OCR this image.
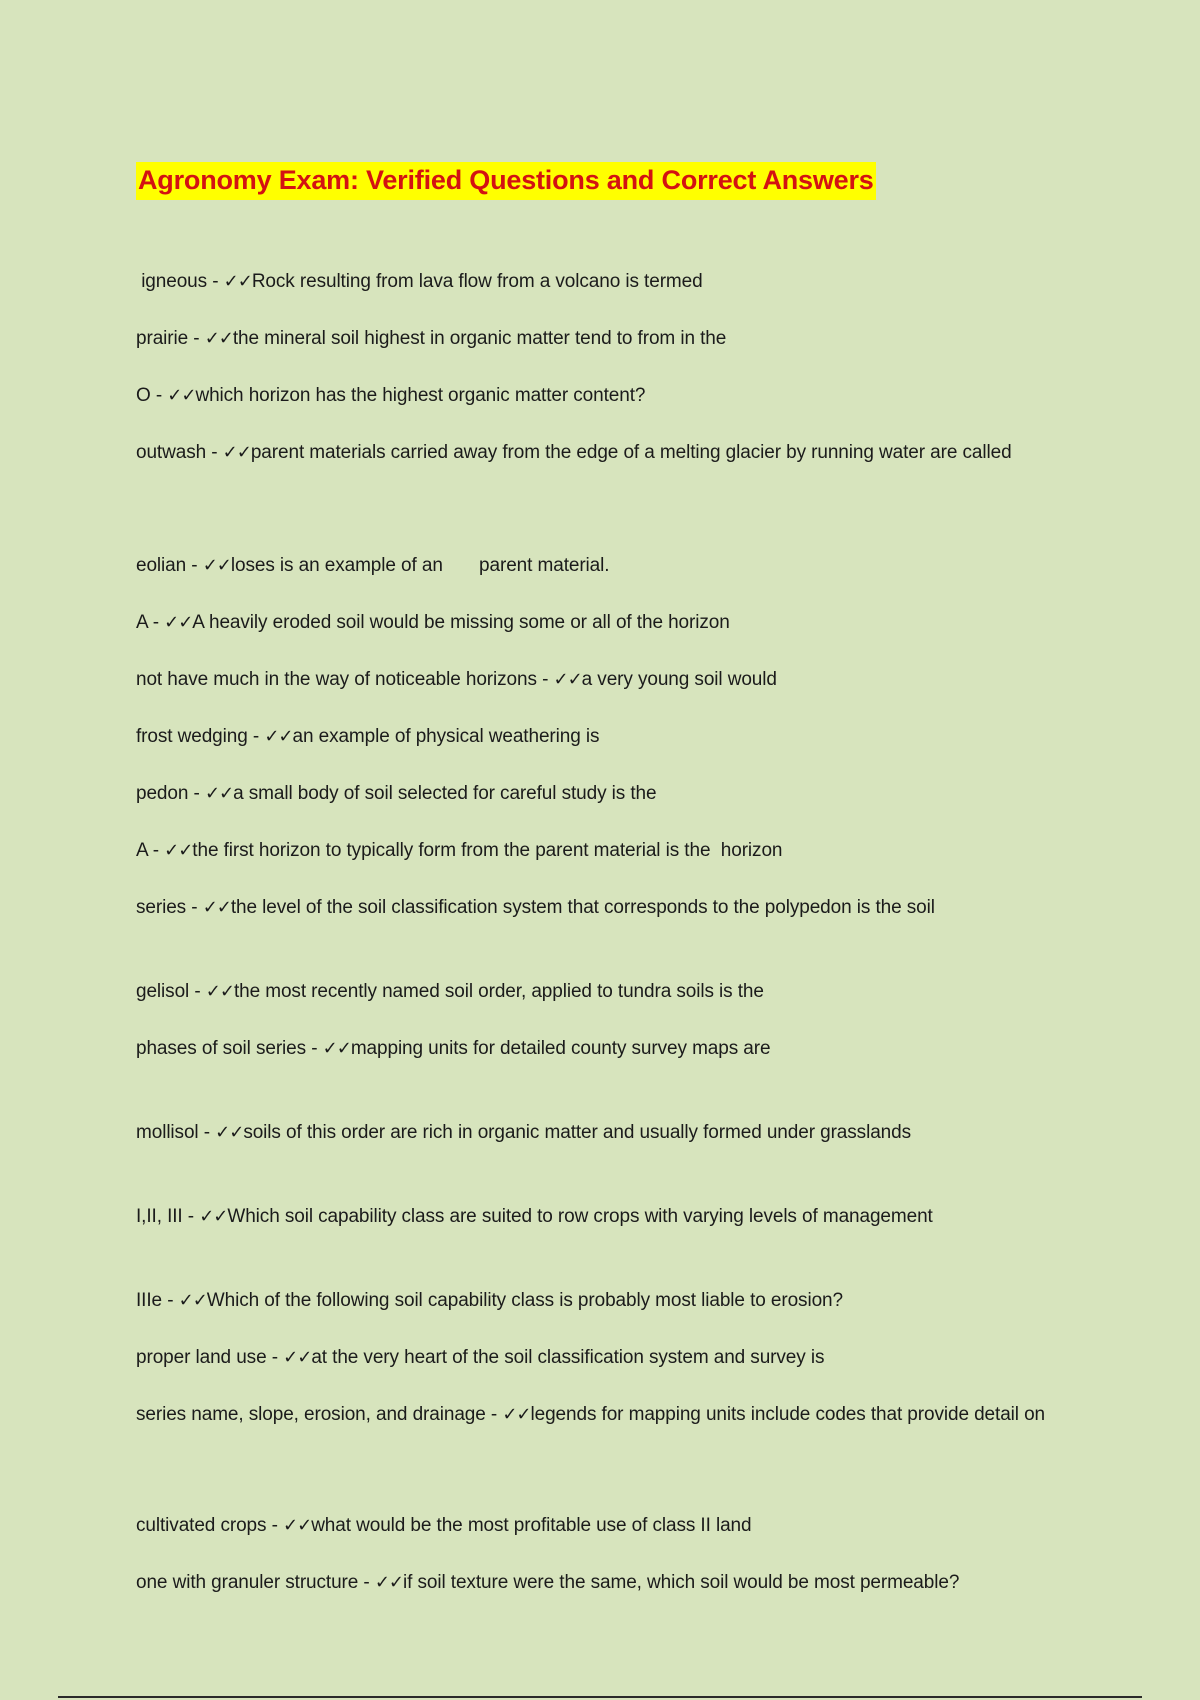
Agronomy Exam: Verified Questions and Correct Answers

igneous - ✓✓Rock resulting from lava flow from a volcano is termed

prairie - ✓✓the mineral soil highest in organic matter tend to from in the

O - ✓✓which horizon has the highest organic matter content?

outwash - ✓✓parent materials carried away from the edge of a melting glacier by running water are called

eolian - ✓✓loses is an example of an       parent material.

A - ✓✓A heavily eroded soil would be missing some or all of the horizon

not have much in the way of noticeable horizons - ✓✓a very young soil would

frost wedging - ✓✓an example of physical weathering is

pedon - ✓✓a small body of soil selected for careful study is the

A - ✓✓the first horizon to typically form from the parent material is the  horizon

series - ✓✓the level of the soil classification system that corresponds to the polypedon is the soil

gelisol - ✓✓the most recently named soil order, applied to tundra soils is the

phases of soil series - ✓✓mapping units for detailed county survey maps are

mollisol - ✓✓soils of this order are rich in organic matter and usually formed under grasslands

I,II, III - ✓✓Which soil capability class are suited to row crops with varying levels of management

IIIe - ✓✓Which of the following soil capability class is probably most liable to erosion?

proper land use - ✓✓at the very heart of the soil classification system and survey is

series name, slope, erosion, and drainage - ✓✓legends for mapping units include codes that provide detail on

cultivated crops - ✓✓what would be the most profitable use of class II land

one with granuler structure - ✓✓if soil texture were the same, which soil would be most permeable?
